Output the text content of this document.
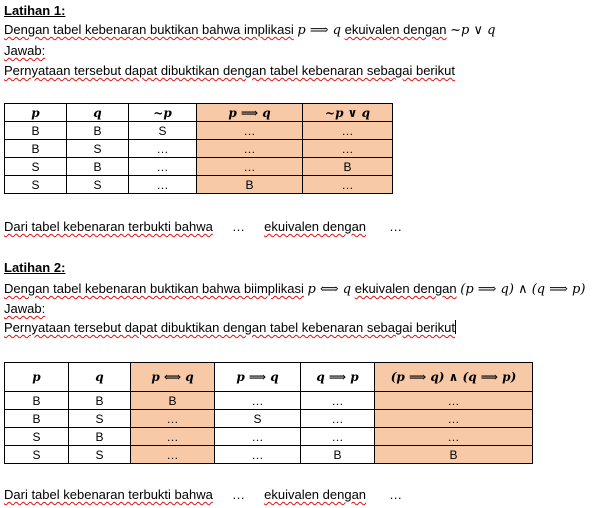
Latihan 1:
Dengan tabel kebenaran buktikan bahwa implikasi p ⟹ q ekuivalen dengan ~p ∨ q
Jawab:
Pernyataan tersebut dapat dibuktikan dengan tabel kebenaran sebagai berikut
p	q	~p	p ⟹ q	~p ∨ q
B	B	S	…	…
B	S	…	…	…
S	B	…	…	B
S	S	…	B	…
Dari tabel kebenaran terbukti bahwa … ekuivalen dengan …
Latihan 2:
Dengan tabel kebenaran buktikan bahwa biimplikasi p ⟺ q ekuivalen dengan (p ⟹ q) ∧ (q ⟹ p)
Jawab:
Pernyataan tersebut dapat dibuktikan dengan tabel kebenaran sebagai berikut
p	q	p ⟺ q	p ⟹ q	q ⟹ p	(p ⟹ q) ∧ (q ⟹ p)
B	B	B	…	…	…
B	S	…	S	…	…
S	B	…	…	…	…
S	S	…	…	B	B
Dari tabel kebenaran terbukti bahwa … ekuivalen dengan …
